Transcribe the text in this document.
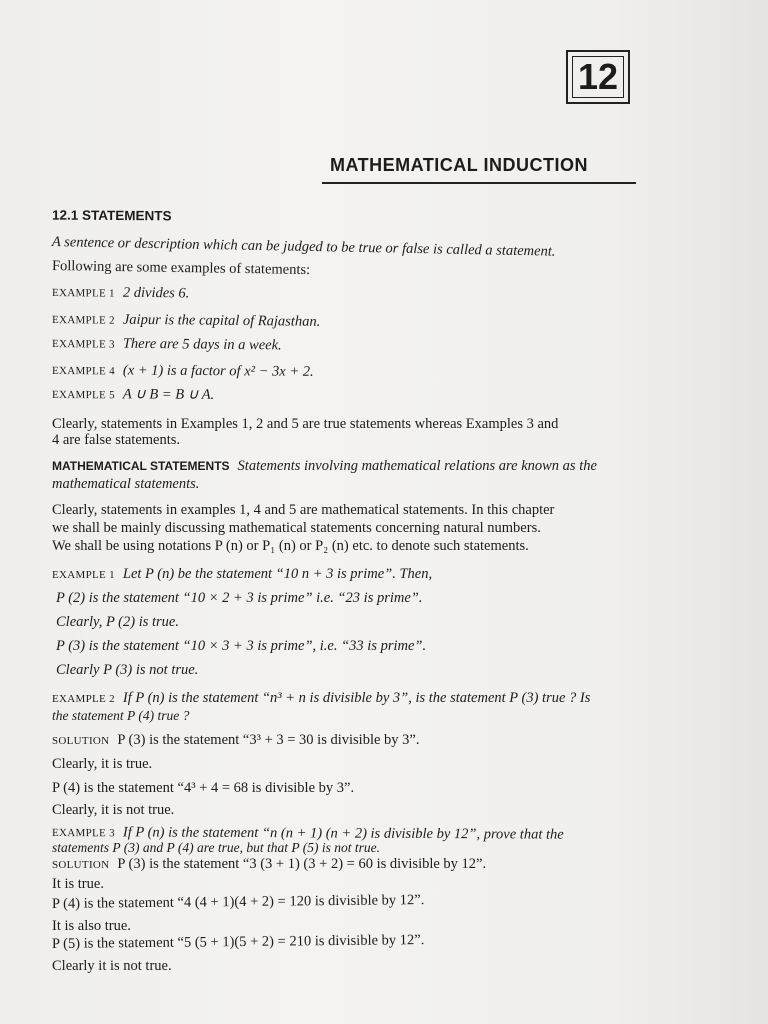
12
MATHEMATICAL INDUCTION
12.1 STATEMENTS
A sentence or description which can be judged to be true or false is called a statement.
Following are some examples of statements:
EXAMPLE 1 2 divides 6.
EXAMPLE 2 Jaipur is the capital of Rajasthan.
EXAMPLE 3 There are 5 days in a week.
EXAMPLE 4 (x + 1) is a factor of x² − 3x + 2.
EXAMPLE 5 A ∪ B = B ∪ A.
Clearly, statements in Examples 1, 2 and 5 are true statements whereas Examples 3 and
4 are false statements.
MATHEMATICAL STATEMENTS Statements involving mathematical relations are known as the
mathematical statements.
Clearly, statements in examples 1, 4 and 5 are mathematical statements. In this chapter
we shall be mainly discussing mathematical statements concerning natural numbers.
We shall be using notations P (n) or P₁ (n) or P₂ (n) etc. to denote such statements.
EXAMPLE 1 Let P (n) be the statement “10 n + 3 is prime”. Then,
P (2) is the statement “10 × 2 + 3 is prime” i.e. “23 is prime”.
Clearly, P (2) is true.
P (3) is the statement “10 × 3 + 3 is prime”, i.e. “33 is prime”.
Clearly P (3) is not true.
EXAMPLE 2 If P (n) is the statement “n³ + n is divisible by 3”, is the statement P (3) true ? Is
the statement P (4) true ?
SOLUTION P (3) is the statement “3³ + 3 = 30 is divisible by 3”.
Clearly, it is true.
P (4) is the statement “4³ + 4 = 68 is divisible by 3”.
Clearly, it is not true.
EXAMPLE 3 If P (n) is the statement “n (n + 1) (n + 2) is divisible by 12”, prove that the
statements P (3) and P (4) are true, but that P (5) is not true.
SOLUTION P (3) is the statement “3 (3 + 1) (3 + 2) = 60 is divisible by 12”.
It is true.
P (4) is the statement “4 (4 + 1)(4 + 2) = 120 is divisible by 12”.
It is also true.
P (5) is the statement “5 (5 + 1)(5 + 2) = 210 is divisible by 12”.
Clearly it is not true.
